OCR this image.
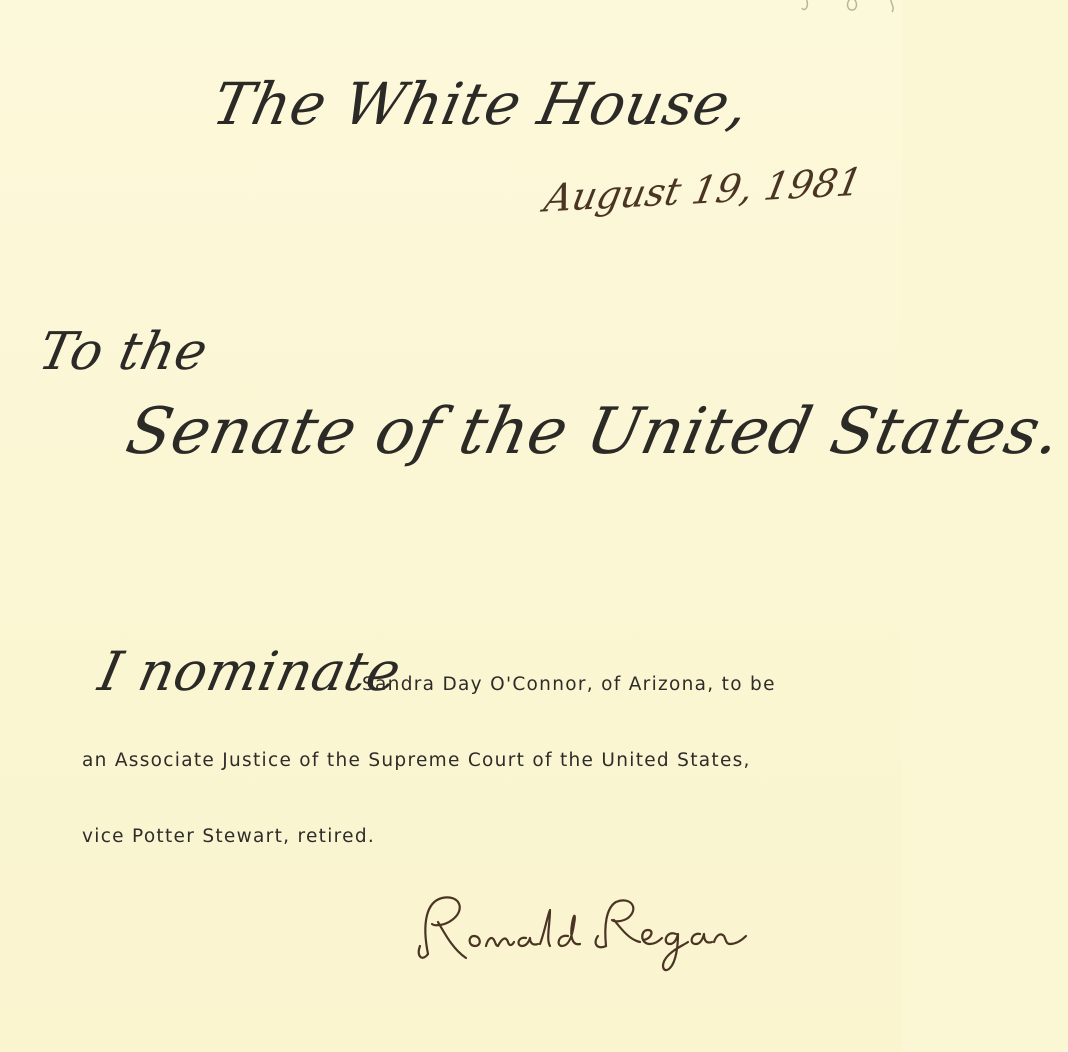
The White House,
August 19, 1981
To the
Senate of the United States.
I nominate
Sandra Day O'Connor, of Arizona, to be
an Associate Justice of the Supreme Court of the United States,
vice Potter Stewart, retired.
